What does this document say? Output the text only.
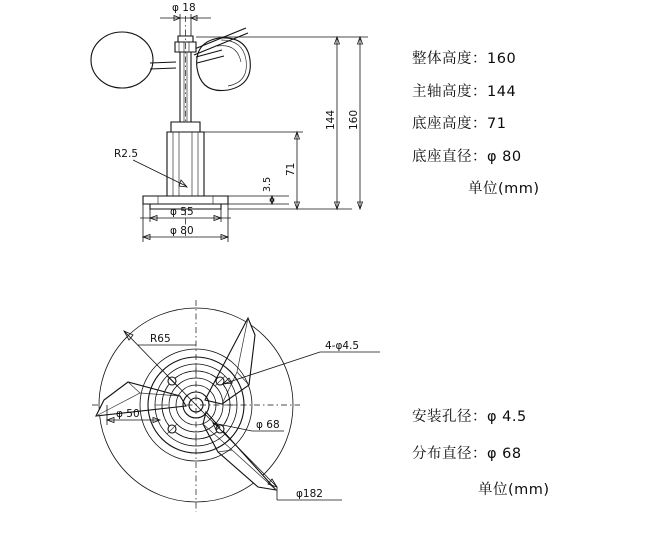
R2.5
φ 18
φ 55
φ 80
160
144
71
3.5
R65
4-φ4.5
φ 50
φ 68
φ182
整体高度：160
主轴高度：144
底座高度：71
底座直径：φ 80
单位(mm)
安装孔径：φ 4.5
分布直径：φ 68
单位(mm)
